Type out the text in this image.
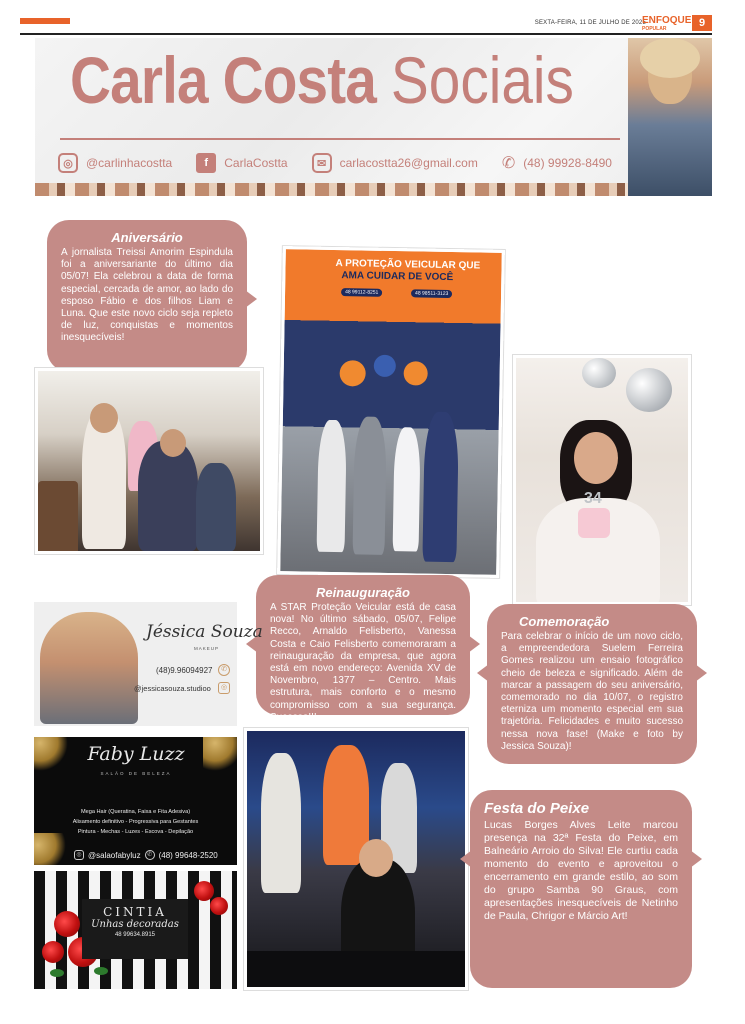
SEXTA-FEIRA, 11 DE JULHO DE 2025
ENFOQUE
POPULAR	9
Carla Costa Sociais
◎	@carlinhacostta	f	CarlaCostta	✉	carlacostta26@gmail.com ✆ (48) 99928-8490
Aniversário

A jornalista Treissi Amorim Espindula foi a aniversariante do último dia 05/07! Ela celebrou a data de forma especial, cercada de amor, ao lado do esposo Fábio e dos filhos Liam e Luna. Que este novo ciclo seja repleto de luz, conquistas e momentos inesquecíveis!

A PROTEÇÃO VEICULAR QUE
AMA CUIDAR DE VOCÊ
48 99112-8251	48 98511-3123
34
Reinauguração

A STAR Proteção Veicular está de casa nova! No último sábado, 05/07, Felipe Recco, Arnaldo Felisberto, Vanessa Costa e Caio Felisberto comemoraram a reinauguração da empresa, que agora está em novo endereço: Avenida XV de Novembro, 1377 – Centro. Mais estrutura, mais conforto e o mesmo compromisso com a sua segurança. Sucesso!!!

Comemoração

Para celebrar o início de um novo ciclo, a empreendedora Suelem Ferreira Gomes realizou um ensaio fotográfico cheio de beleza e significado. Além de marcar a passagem do seu aniversário, comemorado no dia 10/07, o registro eterniza um momento especial em sua trajetória. Felicidades e muito sucesso nessa nova fase! (Make e foto by Jessica Souza)!

Jéssica Souza
MAKEUP
(48)9.96094927	✆
@jessicasouza.studioo	◎
Faby Luzz
SALÃO DE BELEZA
Mega Hair (Queratina, Faixa e Fita Adesiva)
Alisamento definitivo - Progressiva para Gestantes
Pintura - Mechas - Luzes - Escova - Depilação
◎ @salaofabyluz	✆ (48) 99648-2520
CINTIA
Unhas decoradas
48 99634.8915
Festa do Peixe

Lucas Borges Alves Leite marcou presença na 32ª Festa do Peixe, em Balneário Arroio do Silva! Ele curtiu cada momento do evento e aproveitou o encerramento em grande estilo, ao som do grupo Samba 90 Graus, com apresentações inesquecíveis de Netinho de Paula, Chrigor e Márcio Art!
